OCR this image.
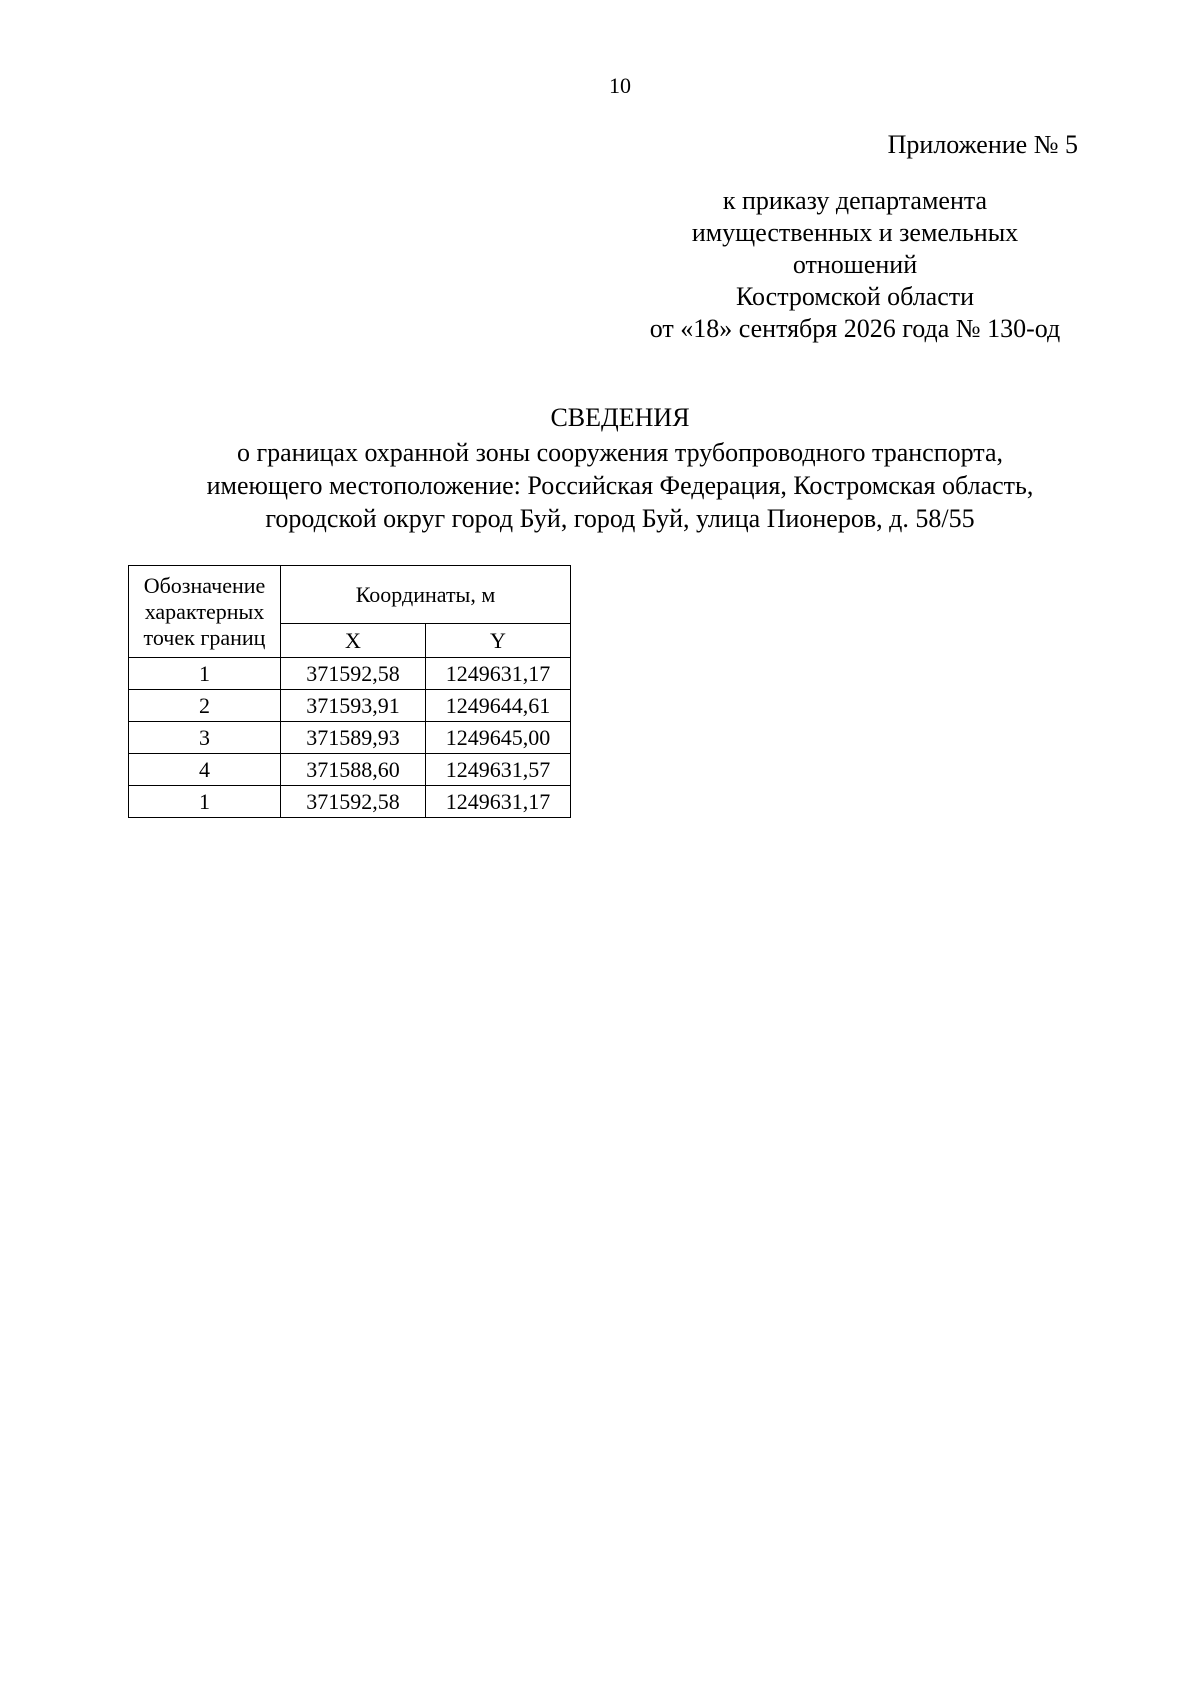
10
Приложение № 5
к приказу департамента
имущественных и земельных
отношений
Костромской области
от «18» сентября 2026 года № 130-од
СВЕДЕНИЯ
о границах охранной зоны сооружения трубопроводного транспорта,
имеющего местоположение: Российская Федерация, Костромская область,
городской округ город Буй, город Буй, улица Пионеров, д. 58/55
Обозначение
характерных
точек границ	Координаты, м	
	X	Y
1	371592,58	1249631,17
2	371593,91	1249644,61
3	371589,93	1249645,00
4	371588,60	1249631,57
1	371592,58	1249631,17
